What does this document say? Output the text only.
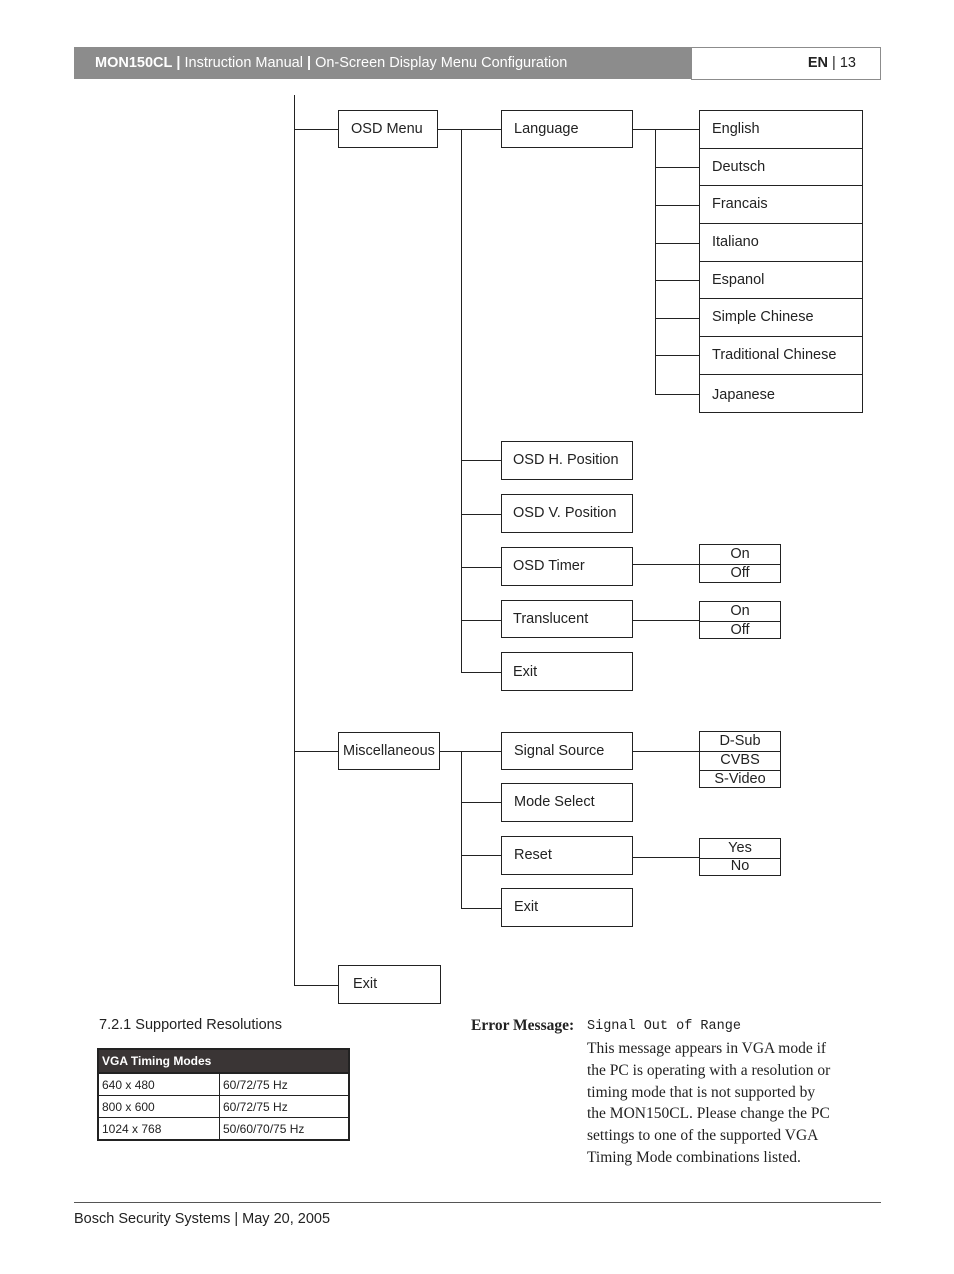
MON150CL | Instruction Manual | On-Screen Display Menu Configuration	EN | 13
OSD Menu
Miscellaneous
Exit
Language
OSD H. Position
OSD V. Position
OSD Timer
Translucent
Exit
Signal Source
Mode Select
Reset
Exit
English
Deutsch
Francais
Italiano
Espanol
Simple Chinese
Traditional Chinese
Japanese
On
Off
On
Off
D-Sub
CVBS
S-Video
Yes
No
7.2.1 Supported Resolutions
VGA Timing Modes	
640 x 480	60/72/75 Hz
800 x 600	60/72/75 Hz
1024 x 768	50/60/70/75 Hz
Error Message: Signal Out of Range
This message appears in VGA mode if the PC is operating with a resolution or timing mode that is not supported by the MON150CL. Please change the PC settings to one of the supported VGA Timing Mode combinations listed.
Bosch Security Systems | May 20, 2005
